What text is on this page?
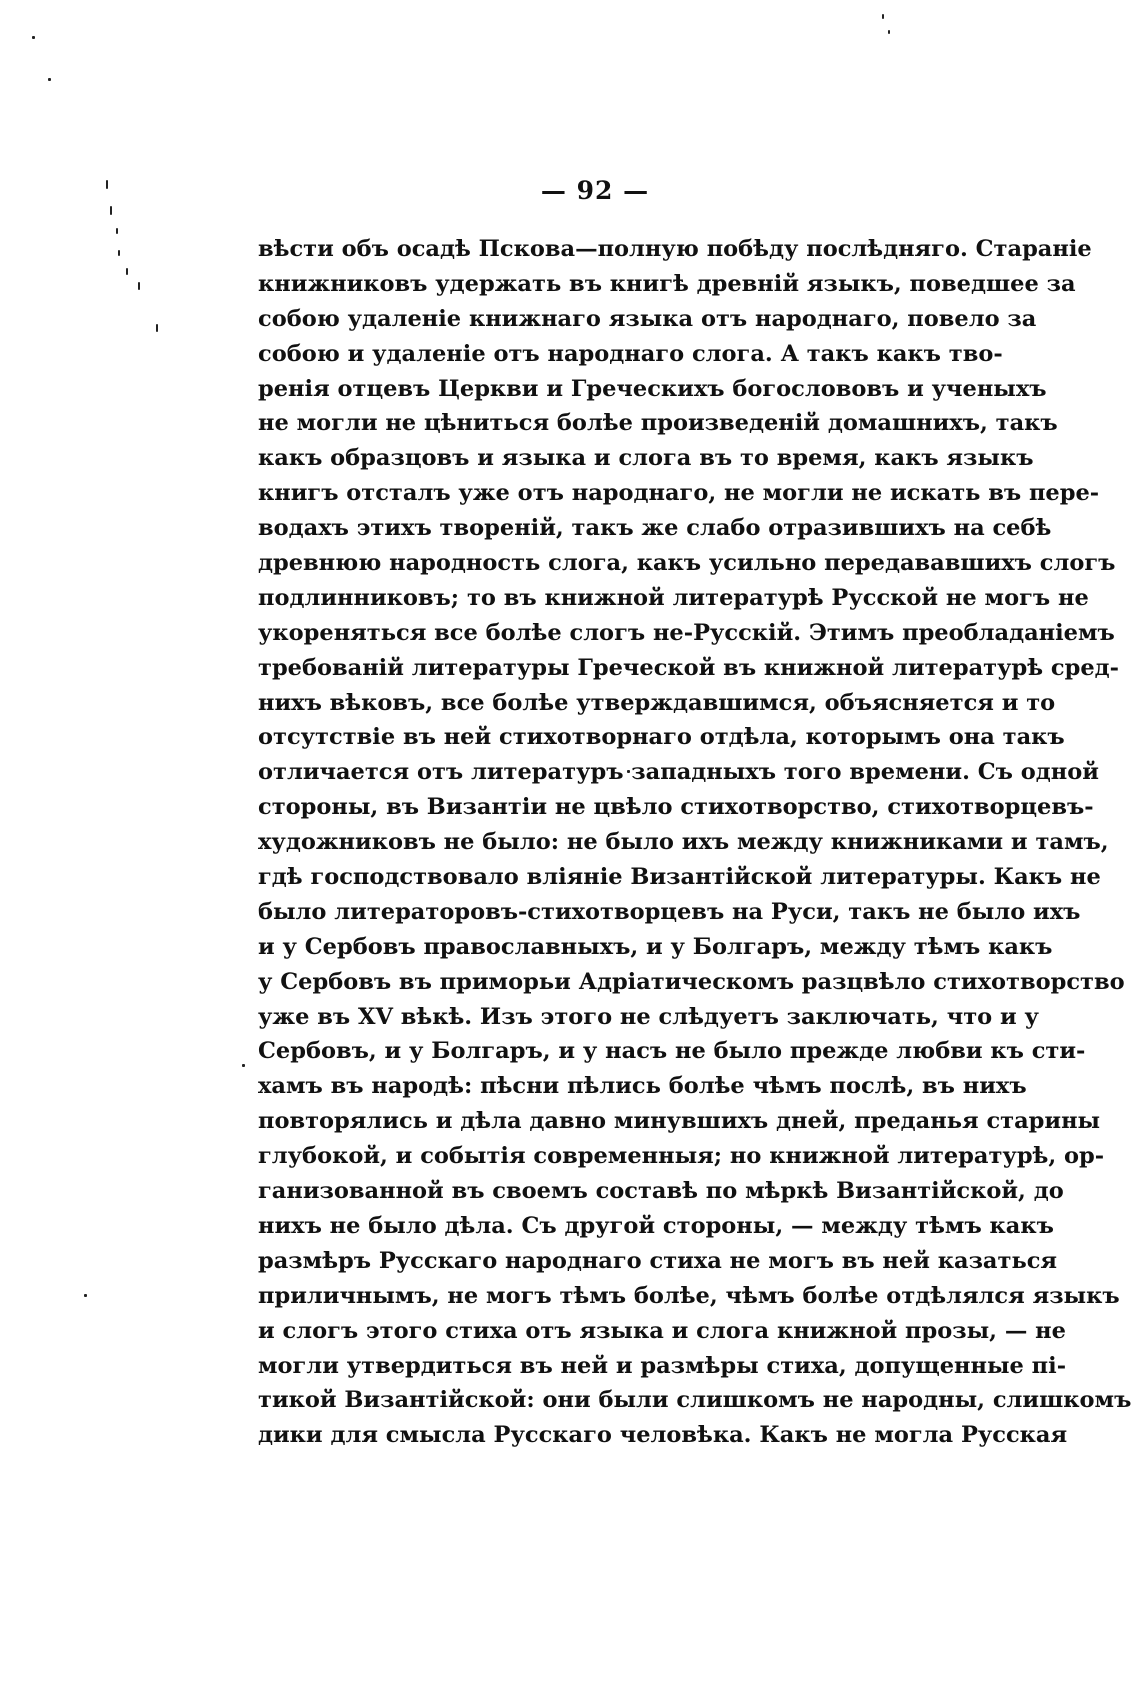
— 92 —
вѣсти объ осадѣ Пскова—полную побѣду послѣдняго. Стараніе
книжниковъ удержать въ книгѣ древній языкъ, поведшее за
собою удаленіе книжнаго языка отъ народнаго, повело за
собою и удаленіе отъ народнаго слога. А такъ какъ тво-
ренія отцевъ Церкви и Греческихъ богослововъ и ученыхъ
не могли не цѣниться болѣе произведеній домашнихъ, такъ
какъ образцовъ и языка и слога въ то время, какъ языкъ
книгъ отсталъ уже отъ народнаго, не могли не искать въ пере-
водахъ этихъ твореній, такъ же слабо отразившихъ на себѣ
древнюю народность слога, какъ усильно передававшихъ слогъ
подлинниковъ; то въ книжной литературѣ Русской не могъ не
укореняться все болѣе слогъ не-Русскій. Этимъ преобладаніемъ
требованій литературы Греческой въ книжной литературѣ сред-
нихъ вѣковъ, все болѣе утверждавшимся, объясняется и то
отсутствіе въ ней стихотворнаго отдѣла, которымъ она такъ
отличается отъ литературъ западныхъ того времени. Съ одной
стороны, въ Византіи не цвѣло стихотворство, стихотворцевъ-
художниковъ не было: не было ихъ между книжниками и тамъ,
гдѣ господствовало вліяніе Византійской литературы. Какъ не
было литераторовъ-стихотворцевъ на Руси, такъ не было ихъ
и у Сербовъ православныхъ, и у Болгаръ, между тѣмъ какъ
у Сербовъ въ приморьи Адріатическомъ разцвѣло стихотворство
уже въ XV вѣкѣ. Изъ этого не слѣдуетъ заключать, что и у
Сербовъ, и у Болгаръ, и у насъ не было прежде любви къ сти-
хамъ въ народѣ: пѣсни пѣлись болѣе чѣмъ послѣ, въ нихъ
повторялись и дѣла давно минувшихъ дней, преданья старины
глубокой, и событія современныя; но книжной литературѣ, ор-
ганизованной въ своемъ составѣ по мѣркѣ Византійской, до
нихъ не было дѣла. Съ другой стороны, — между тѣмъ какъ
размѣръ Русскаго народнаго стиха не могъ въ ней казаться
приличнымъ, не могъ тѣмъ болѣе, чѣмъ болѣе отдѣлялся языкъ
и слогъ этого стиха отъ языка и слога книжной прозы, — не
могли утвердиться въ ней и размѣры стиха, допущенные пі-
тикой Византійской: они были слишкомъ не народны, слишкомъ
дики для смысла Русскаго человѣка. Какъ не могла Русская
